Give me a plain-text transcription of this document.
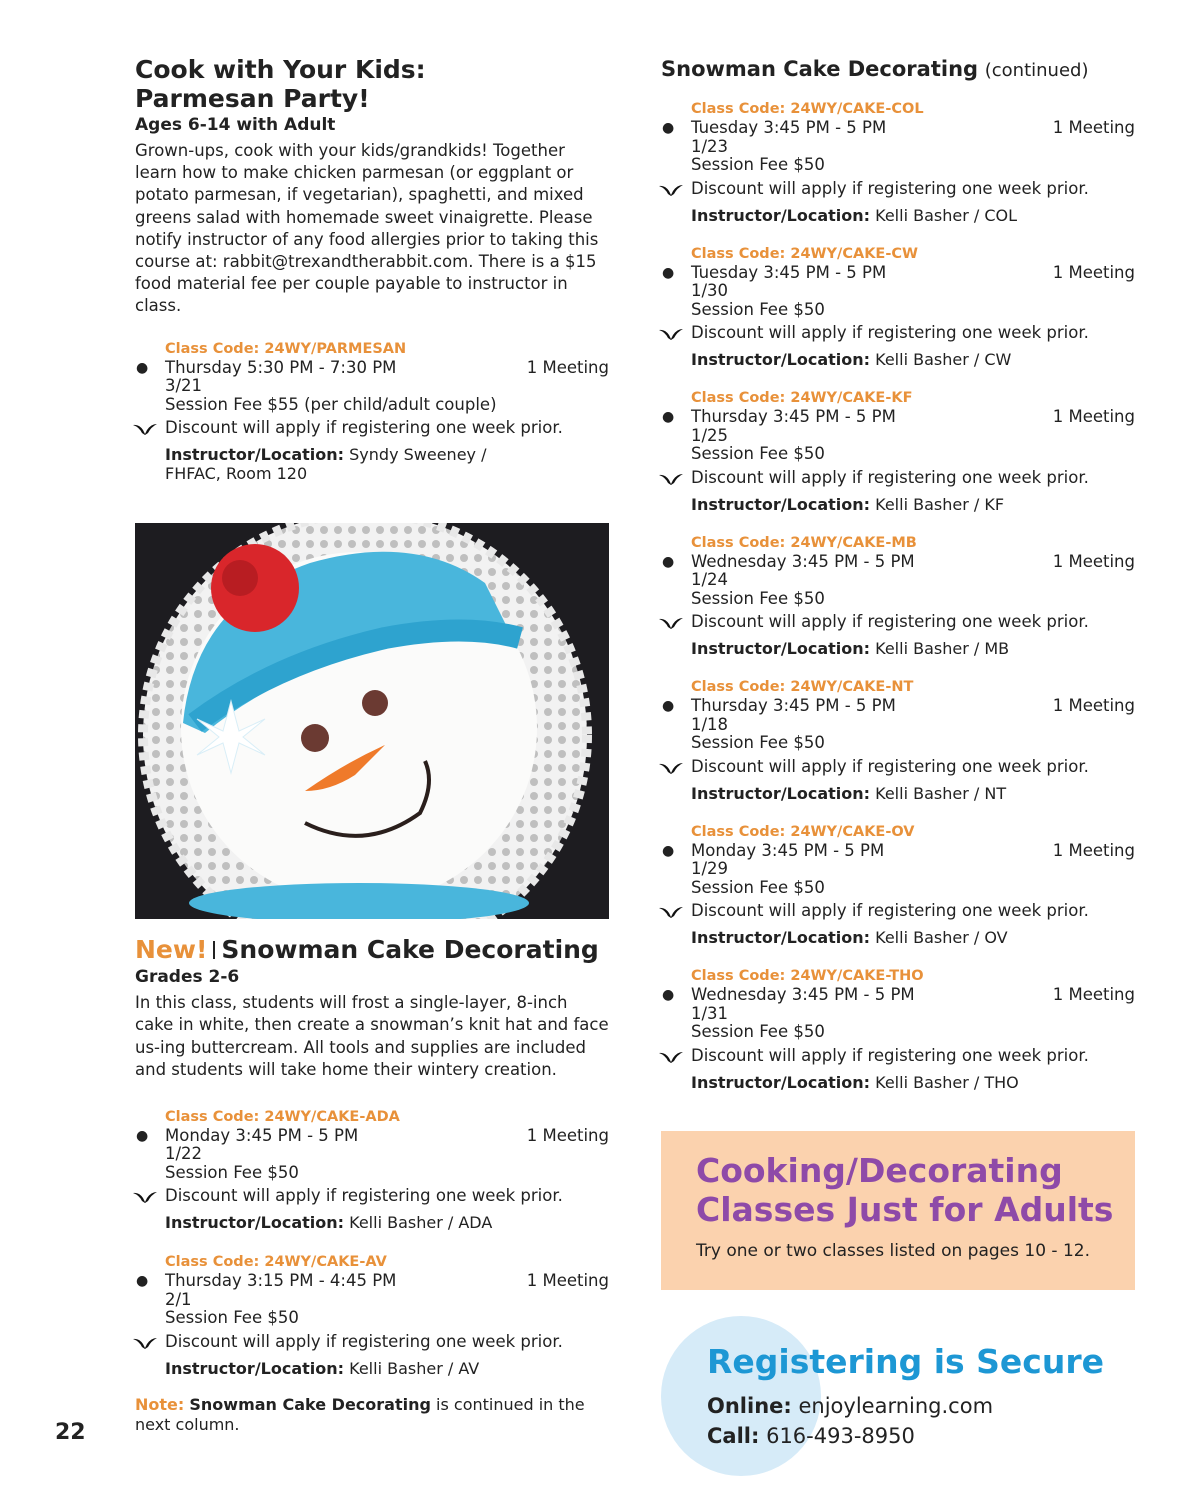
Cook with Your Kids:
Parmesan Party!
Ages 6-14 with Adult
Grown-ups, cook with your kids/grandkids! Together learn how to make chicken parmesan (or eggplant or potato parmesan, if vegetarian), spaghetti, and mixed greens salad with homemade sweet vinaigrette. Please notify instructor of any food allergies prior to taking this course at: rabbit@trexandtherabbit.com. There is a $15 food material fee per couple payable to instructor in class.
Class Code: 24WY/PARMESAN
● Thursday 5:30 PM - 7:30 PM	1 Meeting
3/21
Session Fee $55 (per child/adult couple)
Discount will apply if registering one week prior.
Instructor/Location: Syndy Sweeney /
FHFAC, Room 120
New! Snowman Cake Decorating
Grades 2-6
In this class, students will frost a single-layer, 8-inch cake in white, then create a snowman’s knit hat and face us-ing buttercream. All tools and supplies are included and students will take home their wintery creation.
Class Code: 24WY/CAKE-ADA
● Monday 3:45 PM - 5 PM	1 Meeting
1/22
Session Fee $50
Discount will apply if registering one week prior.
Instructor/Location: Kelli Basher / ADA
Class Code: 24WY/CAKE-AV
● Thursday 3:15 PM - 4:45 PM	1 Meeting
2/1
Session Fee $50
Discount will apply if registering one week prior.
Instructor/Location: Kelli Basher / AV
Note: Snowman Cake Decorating is continued in the next column.
22
Snowman Cake Decorating (continued)
Class Code: 24WY/CAKE-COL
● Tuesday 3:45 PM - 5 PM	1 Meeting
1/23
Session Fee $50
Discount will apply if registering one week prior.
Instructor/Location: Kelli Basher / COL
Class Code: 24WY/CAKE-CW
● Tuesday 3:45 PM - 5 PM	1 Meeting
1/30
Session Fee $50
Discount will apply if registering one week prior.
Instructor/Location: Kelli Basher / CW
Class Code: 24WY/CAKE-KF
● Thursday 3:45 PM - 5 PM	1 Meeting
1/25
Session Fee $50
Discount will apply if registering one week prior.
Instructor/Location: Kelli Basher / KF
Class Code: 24WY/CAKE-MB
● Wednesday 3:45 PM - 5 PM	1 Meeting
1/24
Session Fee $50
Discount will apply if registering one week prior.
Instructor/Location: Kelli Basher / MB
Class Code: 24WY/CAKE-NT
● Thursday 3:45 PM - 5 PM	1 Meeting
1/18
Session Fee $50
Discount will apply if registering one week prior.
Instructor/Location: Kelli Basher / NT
Class Code: 24WY/CAKE-OV
● Monday 3:45 PM - 5 PM	1 Meeting
1/29
Session Fee $50
Discount will apply if registering one week prior.
Instructor/Location: Kelli Basher / OV
Class Code: 24WY/CAKE-THO
● Wednesday 3:45 PM - 5 PM	1 Meeting
1/31
Session Fee $50
Discount will apply if registering one week prior.
Instructor/Location: Kelli Basher / THO
Cooking/Decorating
Classes Just for Adults
Try one or two classes listed on pages 10 - 12.
Registering is Secure
Online: enjoylearning.com
Call: 616-493-8950
